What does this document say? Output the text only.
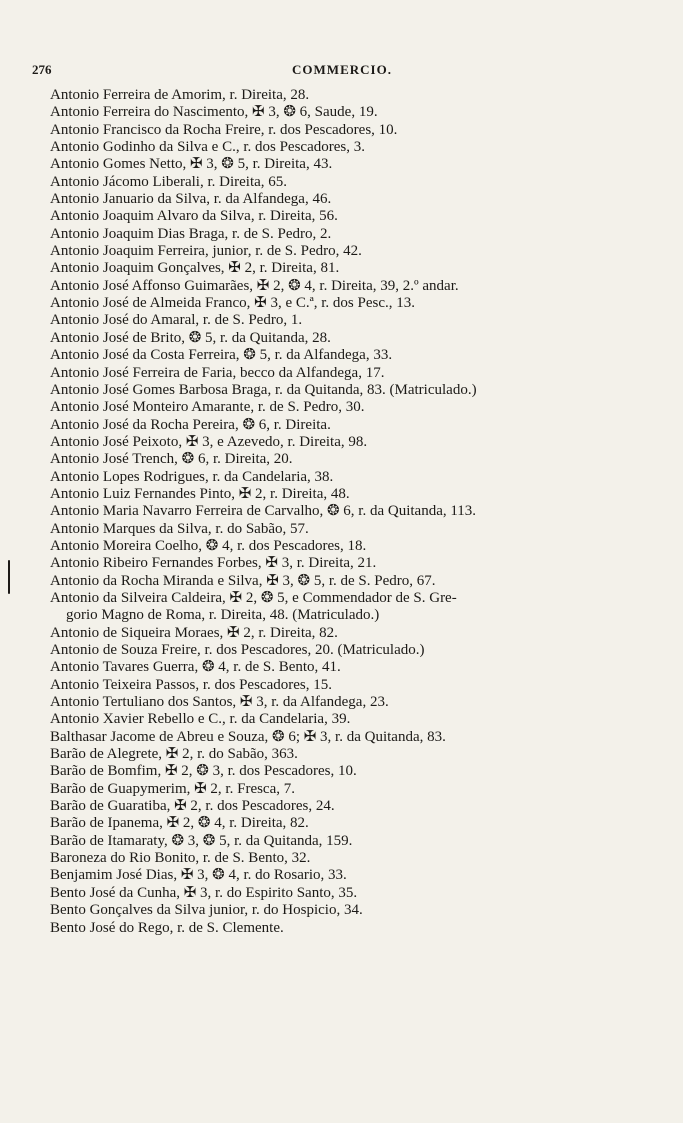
276	COMMERCIO.
Antonio Ferreira de Amorim, r. Direita, 28.
Antonio Ferreira do Nascimento, ✠ 3, ❂ 6, Saude, 19.
Antonio Francisco da Rocha Freire, r. dos Pescadores, 10.
Antonio Godinho da Silva e C., r. dos Pescadores, 3.
Antonio Gomes Netto, ✠ 3, ❂ 5, r. Direita, 43.
Antonio Jácomo Liberali, r. Direita, 65.
Antonio Januario da Silva, r. da Alfandega, 46.
Antonio Joaquim Alvaro da Silva, r. Direita, 56.
Antonio Joaquim Dias Braga, r. de S. Pedro, 2.
Antonio Joaquim Ferreira, junior, r. de S. Pedro, 42.
Antonio Joaquim Gonçalves, ✠ 2, r. Direita, 81.
Antonio José Affonso Guimarães, ✠ 2, ❂ 4, r. Direita, 39, 2.º andar.
Antonio José de Almeida Franco, ✠ 3, e C.ª, r. dos Pesc., 13.
Antonio José do Amaral, r. de S. Pedro, 1.
Antonio José de Brito, ❂ 5, r. da Quitanda, 28.
Antonio José da Costa Ferreira, ❂ 5, r. da Alfandega, 33.
Antonio José Ferreira de Faria, becco da Alfandega, 17.
Antonio José Gomes Barbosa Braga, r. da Quitanda, 83. (Matriculado.)
Antonio José Monteiro Amarante, r. de S. Pedro, 30.
Antonio José da Rocha Pereira, ❂ 6, r. Direita.
Antonio José Peixoto, ✠ 3, e Azevedo, r. Direita, 98.
Antonio José Trench, ❂ 6, r. Direita, 20.
Antonio Lopes Rodrigues, r. da Candelaria, 38.
Antonio Luiz Fernandes Pinto, ✠ 2, r. Direita, 48.
Antonio Maria Navarro Ferreira de Carvalho, ❂ 6, r. da Quitanda, 113.
Antonio Marques da Silva, r. do Sabão, 57.
Antonio Moreira Coelho, ❂ 4, r. dos Pescadores, 18.
Antonio Ribeiro Fernandes Forbes, ✠ 3, r. Direita, 21.
Antonio da Rocha Miranda e Silva, ✠ 3, ❂ 5, r. de S. Pedro, 67.
Antonio da Silveira Caldeira, ✠ 2, ❂ 5, e Commendador de S. Gre-
gorio Magno de Roma, r. Direita, 48. (Matriculado.)
Antonio de Siqueira Moraes, ✠ 2, r. Direita, 82.
Antonio de Souza Freire, r. dos Pescadores, 20. (Matriculado.)
Antonio Tavares Guerra, ❂ 4, r. de S. Bento, 41.
Antonio Teixeira Passos, r. dos Pescadores, 15.
Antonio Tertuliano dos Santos, ✠ 3, r. da Alfandega, 23.
Antonio Xavier Rebello e C., r. da Candelaria, 39.
Balthasar Jacome de Abreu e Souza, ❂ 6; ✠ 3, r. da Quitanda, 83.
Barão de Alegrete, ✠ 2, r. do Sabão, 363.
Barão de Bomfim, ✠ 2, ❂ 3, r. dos Pescadores, 10.
Barão de Guapymerim, ✠ 2, r. Fresca, 7.
Barão de Guaratiba, ✠ 2, r. dos Pescadores, 24.
Barão de Ipanema, ✠ 2, ❂ 4, r. Direita, 82.
Barão de Itamaraty, ❂ 3, ❂ 5, r. da Quitanda, 159.
Baroneza do Rio Bonito, r. de S. Bento, 32.
Benjamim José Dias, ✠ 3, ❂ 4, r. do Rosario, 33.
Bento José da Cunha, ✠ 3, r. do Espirito Santo, 35.
Bento Gonçalves da Silva junior, r. do Hospicio, 34.
Bento José do Rego, r. de S. Clemente.
